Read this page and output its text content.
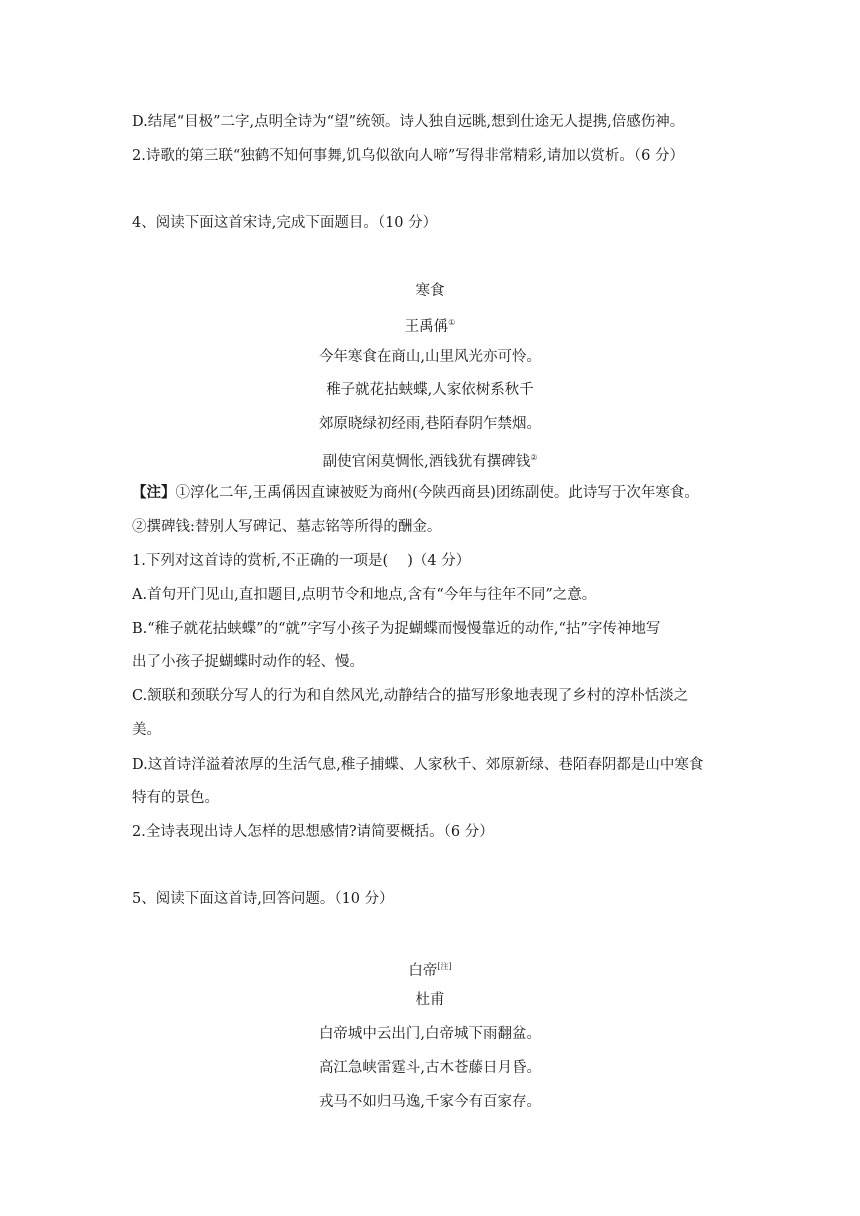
D.结尾“目极”二字,点明全诗为“望”统领。诗人独自远眺,想到仕途无人提携,倍感伤神。
2.诗歌的第三联“独鹤不知何事舞,饥乌似欲向人啼”写得非常精彩,请加以赏析。（6 分）
4、阅读下面这首宋诗,完成下面题目。（10 分）
寒食
王禹偁①
今年寒食在商山,山里风光亦可怜。
稚子就花拈蛱蝶,人家依树系秋千
郊原晓绿初经雨,巷陌春阴乍禁烟。
副使官闲莫惆怅,酒钱犹有撰碑钱②
【注】①淳化二年,王禹偁因直谏被贬为商州(今陕西商县)团练副使。此诗写于次年寒食。
②撰碑钱:替别人写碑记、墓志铭等所得的酬金。
1.下列对这首诗的赏析,不正确的一项是(　 )（4 分）
A.首句开门见山,直扣题目,点明节令和地点,含有“今年与往年不同”之意。
B.“稚子就花拈蛱蝶”的“就”字写小孩子为捉蝴蝶而慢慢靠近的动作,“拈”字传神地写
出了小孩子捉蝴蝶时动作的轻、慢。
C.颔联和颈联分写人的行为和自然风光,动静结合的描写形象地表现了乡村的淳朴恬淡之
美。
D.这首诗洋溢着浓厚的生活气息,稚子捕蝶、人家秋千、郊原新绿、巷陌春阴都是山中寒食
特有的景色。
2.全诗表现出诗人怎样的思想感情?请简要概括。（6 分）
5、阅读下面这首诗,回答问题。（10 分）
白帝[注]
杜甫
白帝城中云出门,白帝城下雨翻盆。
高江急峡雷霆斗,古木苍藤日月昏。
戎马不如归马逸,千家今有百家存。
